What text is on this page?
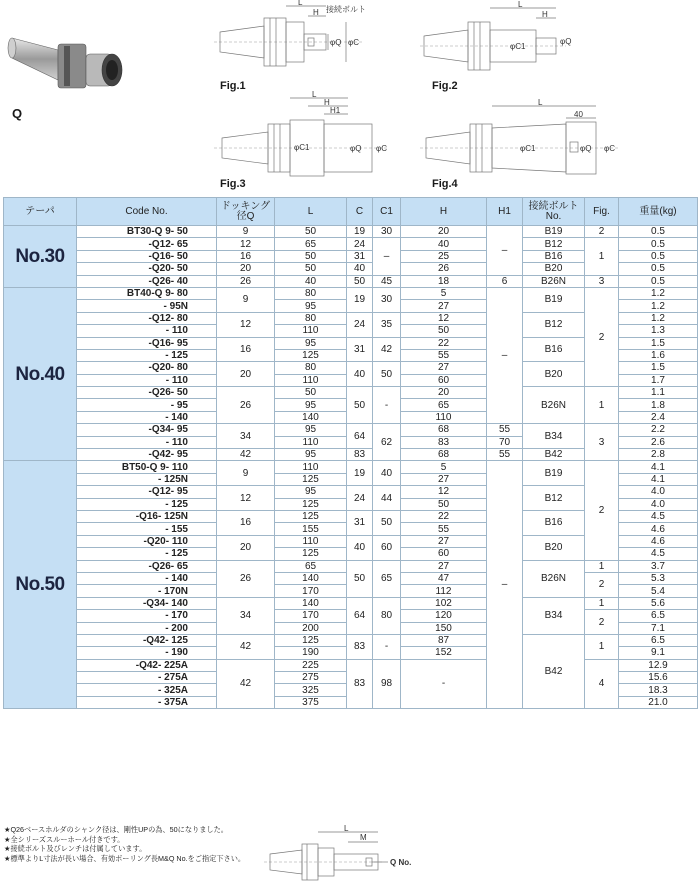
Q
L
H 接続ボルト
φQ φC
Fig.1
L
H
φC1
φQ
Fig.2
L
H
H1
φC1	φQ φC
Fig.3
L
40
φC1	φQ φC
Fig.4
テーパ	Code No.	ドッキング径Q	L	C	C1	H	H1	接続ボルトNo.	Fig.	重量(kg)
No.30	BT30-Q 9- 50	9	50	19	30	20	–	B19	2	0.5
	-Q12- 65	12	65	24	–	40		B12	1	0.5
	-Q16- 50	16	50	31		25		B16		0.5
	-Q20- 50	20	50	40		26		B20		0.5
	-Q26- 40	26	40	50	45	18	6	B26N	3	0.5
No.40	BT40-Q 9- 80	9	80	19	30	5	–	B19	2	1.2
	- 95N		95			27				1.2
	-Q12- 80	12	80	24	35	12		B12		1.2
	- 110		110			50				1.3
	-Q16- 95	16	95	31	42	22		B16		1.5
	- 125		125			55				1.6
	-Q20- 80	20	80	40	50	27		B20		1.5
	- 110		110			60				1.7
	-Q26- 50	26	50	50	-	20		B26N	1	1.1
	- 95		95			65				1.8
	- 140		140			110				2.4
	-Q34- 95	34	95	64	62	68	55	B34	3	2.2
	- 110		110			83	70			2.6
	-Q42- 95	42	95	83		68	55	B42		2.8
No.50	BT50-Q 9- 110	9	110	19	40	5	–	B19	2	4.1
	- 125N		125			27				4.1
	-Q12- 95	12	95	24	44	12		B12		4.0
	- 125		125			50				4.0
	-Q16- 125N	16	125	31	50	22		B16		4.5
	- 155		155			55				4.6
	-Q20- 110	20	110	40	60	27		B20		4.6
	- 125		125			60				4.5
	-Q26- 65	26	65	50	65	27		B26N	1	3.7
	- 140		140			47			2	5.3
	- 170N		170			112				5.4
	-Q34- 140	34	140	64	80	102		B34	1	5.6
	- 170		170			120			2	6.5
	- 200		200			150				7.1
	-Q42- 125	42	125	83	-	87		B42	1	6.5
	- 190		190			152				9.1
	-Q42- 225A	42	225	83	98	-			4	12.9
	- 275A		275							15.6
	- 325A		325							18.3
	- 375A		375							21.0
★Q26ベースホルダのシャンク径は、剛性UPの為、50になりました。
★全シリーズスルーホール付きです。
★接続ボルト及びレンチは付属しています。
★標準よりL寸法が長い場合、有効ボーリング長M&Q No.をご指定下さい。
L
M
Q No.
